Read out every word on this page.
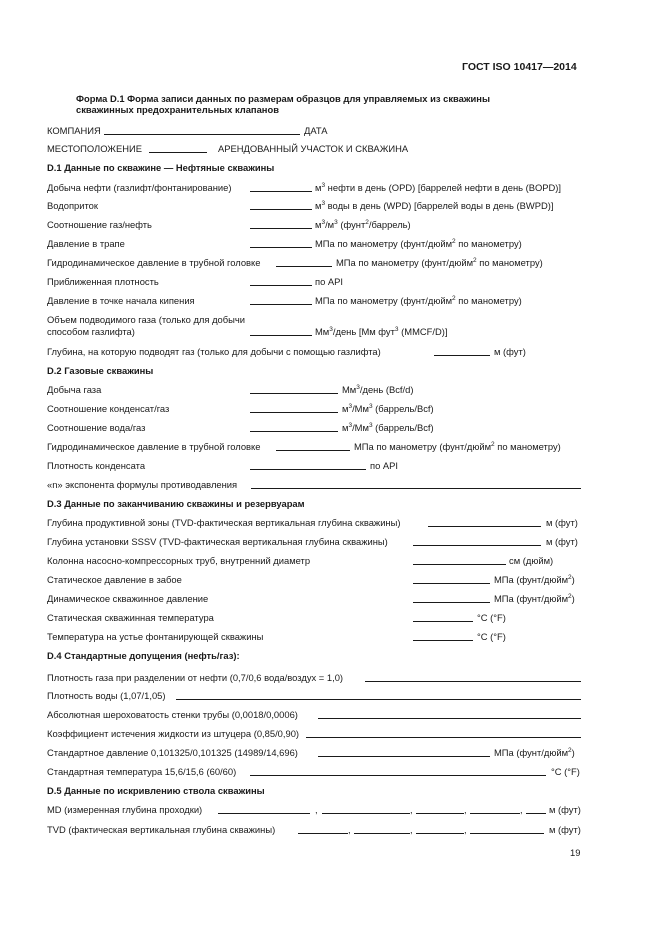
ГОСТ ISO 10417—2014
Форма D.1 Форма записи данных по размерам образцов для управляемых из скважины
скважинных предохранительных клапанов
КОМПАНИЯ	ДАТА
МЕСТОПОЛОЖЕНИЕ	АРЕНДОВАННЫЙ УЧАСТОК И СКВАЖИНА
D.1 Данные по скважине — Нефтяные скважины
Добыча нефти (газлифт/фонтанирование)	$м^3$ нефти в день (OPD) [баррелей нефти в день (BOPD)]
Водоприток	$м^3$ воды в день (WPD) [баррелей воды в день (BWPD)]
Соотношение газ/нефть	$м^3/м^3$ (фунт$^2$/баррель)
Давление в трапе	МПа по манометру (фунт/дюйм$^2$ по манометру)
Гидродинамическое давление в трубной головке	МПа по манометру (фунт/дюйм$^2$ по манометру)
Приближенная плотность	по API
Давление в точке начала кипения	МПа по манометру (фунт/дюйм$^2$ по манометру)
Объем подводимого газа (только для добычи
способом газлифта)	$Мм^3$/день [Мм фут$^3$ (MMCF/D)]
Глубина, на которую подводят газ (только для добычи с помощью газлифта)	м (фут)
D.2 Газовые скважины
Добыча газа	$Мм^3$/день (Bcf/d)
Соотношение конденсат/газ	$м^3/Мм^3$ (баррель/Bcf)
Соотношение вода/газ	$м^3/Мм^3$ (баррель/Bcf)
Гидродинамическое давление в трубной головке	МПа по манометру (фунт/дюйм$^2$ по манометру)
Плотность конденсата	по API
«n» экспонента формулы противодавления
D.3 Данные по заканчиванию скважины и резервуарам
Глубина продуктивной зоны (TVD-фактическая вертикальная глубина скважины)	м (фут)
Глубина установки SSSV (TVD-фактическая вертикальная глубина скважины)	м (фут)
Колонна насосно-компрессорных труб, внутренний диаметр	см (дюйм)
Статическое давление в забое	МПа (фунт/дюйм$^2$)
Динамическое скважинное давление	МПа (фунт/дюйм$^2$)
Статическая скважинная температура	°C (°F)
Температура на устье фонтанирующей скважины	°C (°F)
D.4 Стандартные допущения (нефть/газ):
Плотность газа при разделении от нефти (0,7/0,6 вода/воздух = 1,0)
Плотность воды (1,07/1,05)
Абсолютная шероховатость стенки трубы (0,0018/0,0006)
Коэффициент истечения жидкости из штуцера (0,85/0,90)
Стандартное давление 0,101325/0,101325 (14989/14,696)	МПа (фунт/дюйм$^2$)
Стандартная температура 15,6/15,6 (60/60)	°C (°F)
D.5 Данные по искривлению ствола скважины
MD (измеренная глубина проходки)	,	,	,	,	м (фут)
TVD (фактическая вертикальная глубина скважины)	,	,	,	м (фут)
19
